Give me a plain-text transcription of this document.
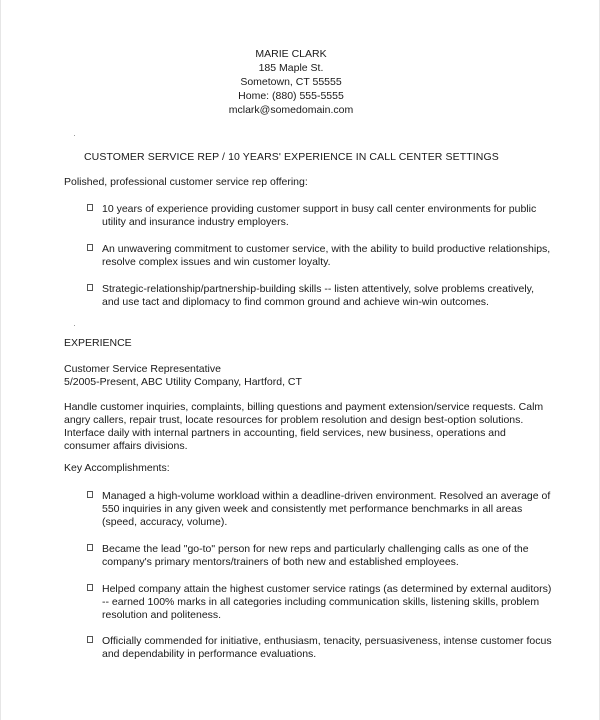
MARIE CLARK
185 Maple St.
Sometown, CT 55555
Home: (880) 555-5555
mclark@somedomain.com
CUSTOMER SERVICE REP / 10 YEARS' EXPERIENCE IN CALL CENTER SETTINGS
Polished, professional customer service rep offering:
10 years of experience providing customer support in busy call center environments for public utility and insurance industry employers.
An unwavering commitment to customer service, with the ability to build productive relationships, resolve complex issues and win customer loyalty.
Strategic-relationship/partnership-building skills -- listen attentively, solve problems creatively, and use tact and diplomacy to find common ground and achieve win-win outcomes.
EXPERIENCE
Customer Service Representative
5/2005-Present, ABC Utility Company, Hartford, CT
Handle customer inquiries, complaints, billing questions and payment extension/service requests. Calm angry callers, repair trust, locate resources for problem resolution and design best-option solutions. Interface daily with internal partners in accounting, field services, new business, operations and consumer affairs divisions.
Key Accomplishments:
Managed a high-volume workload within a deadline-driven environment. Resolved an average of 550 inquiries in any given week and consistently met performance benchmarks in all areas (speed, accuracy, volume).
Became the lead "go-to" person for new reps and particularly challenging calls as one of the company's primary mentors/trainers of both new and established employees.
Helped company attain the highest customer service ratings (as determined by external auditors) -- earned 100% marks in all categories including communication skills, listening skills, problem resolution and politeness.
Officially commended for initiative, enthusiasm, tenacity, persuasiveness, intense customer focus and dependability in performance evaluations.
